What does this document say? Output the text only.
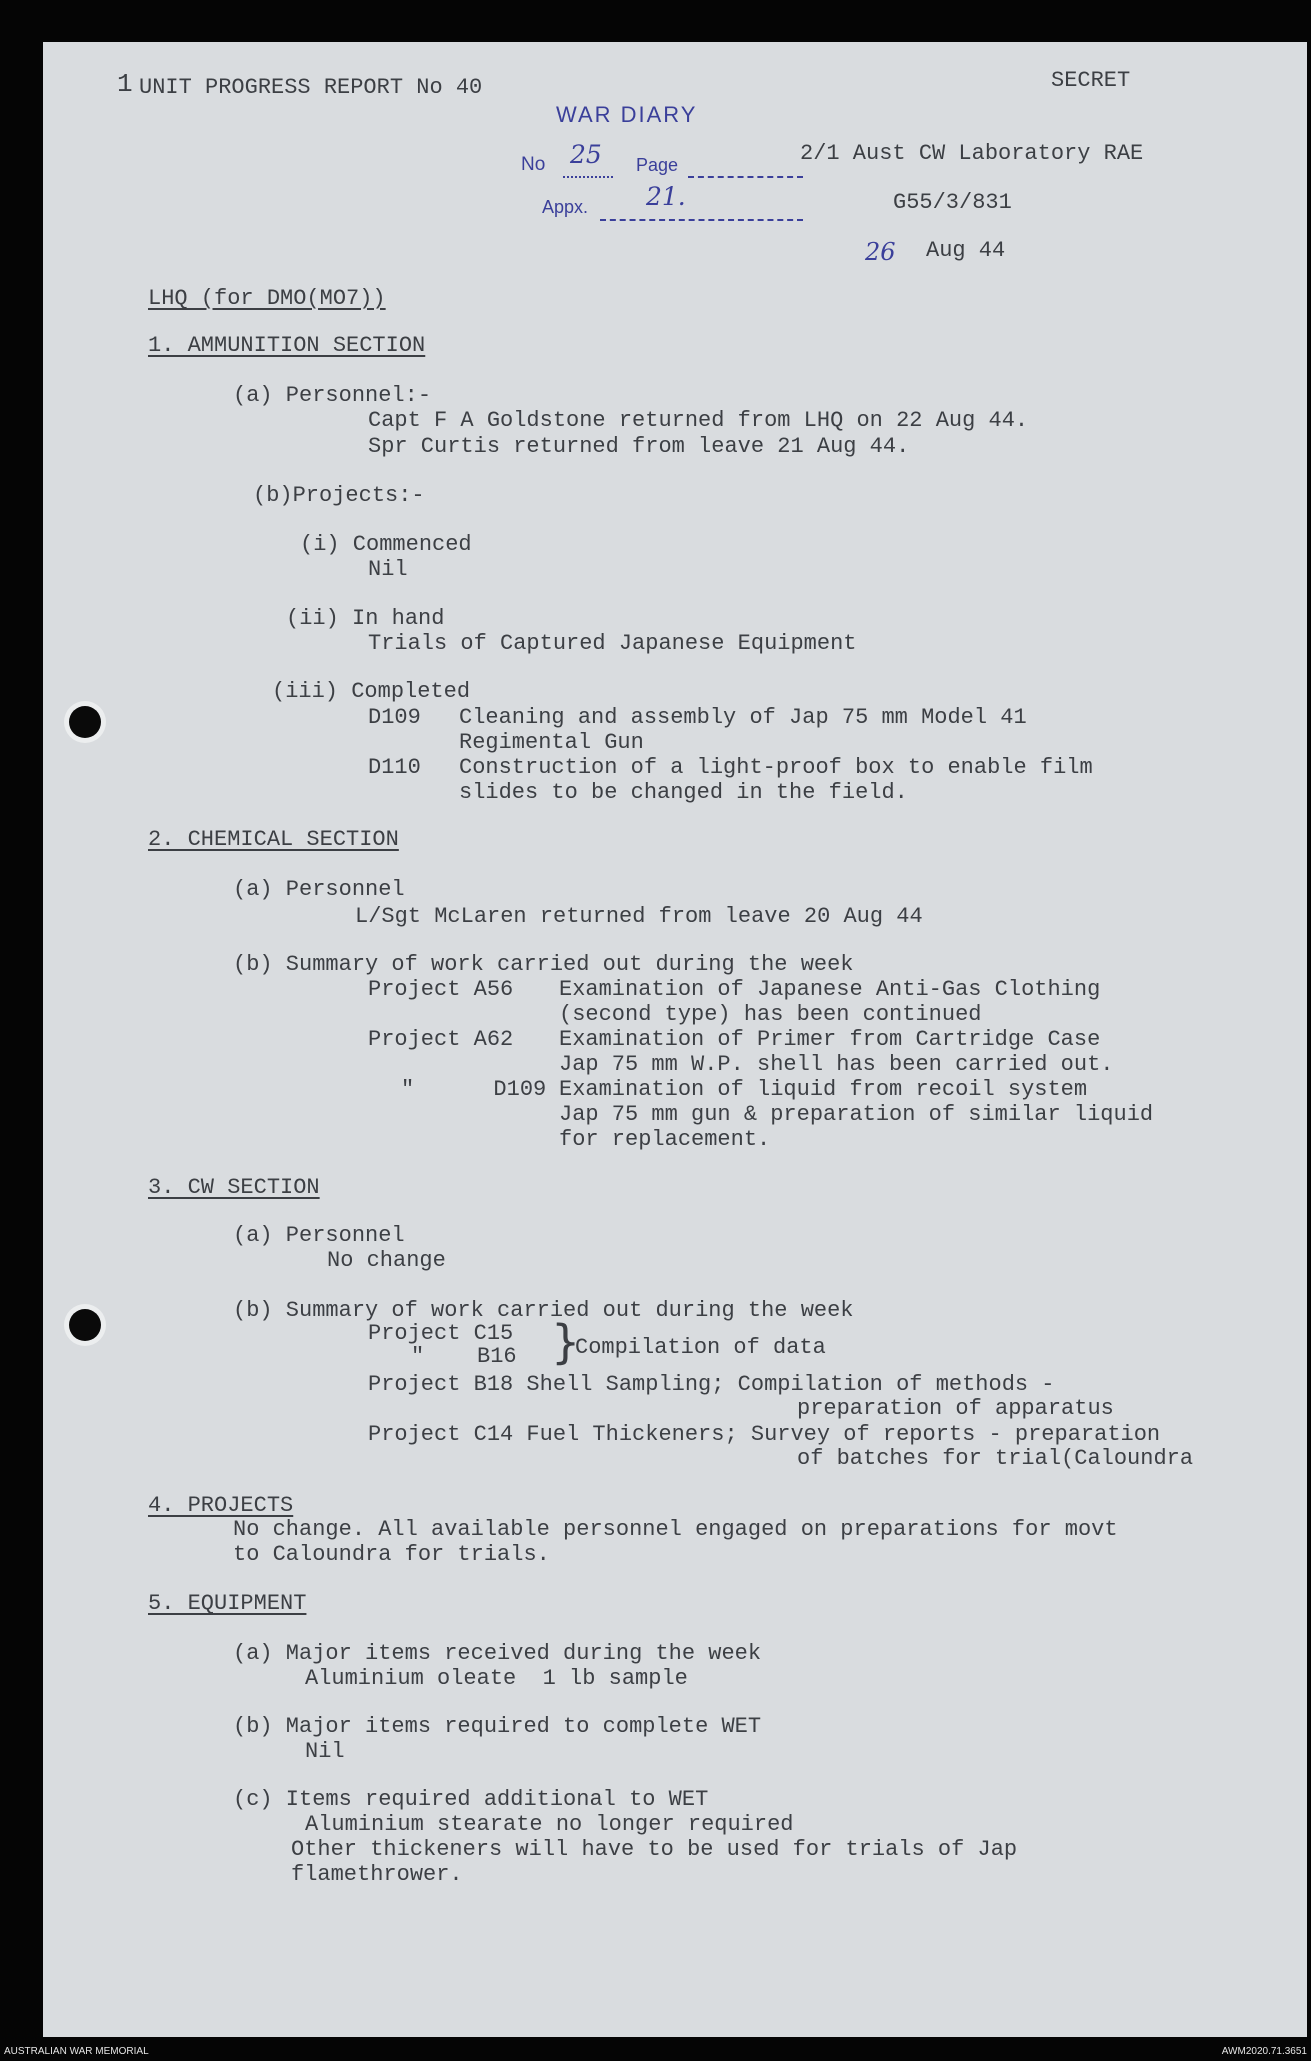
1 UNIT PROGRESS REPORT No 40	SECRET
WAR DIARY
No 25 Page
Appx. 21.
2/1 Aust CW Laboratory RAE
G55/3/831
26 Aug 44
LHQ (for DMO(MO7))
1. AMMUNITION SECTION
(a) Personnel:-
Capt F A Goldstone returned from LHQ on 22 Aug 44.
Spr Curtis returned from leave 21 Aug 44.
(b)Projects:-
(i) Commenced
Nil
(ii) In hand
Trials of Captured Japanese Equipment
(iii) Completed
D109 Cleaning and assembly of Jap 75 mm Model 41
Regimental Gun
D110 Construction of a light-proof box to enable film
slides to be changed in the field.
2. CHEMICAL SECTION
(a) Personnel
L/Sgt McLaren returned from leave 20 Aug 44
(b) Summary of work carried out during the week
Project A56 Examination of Japanese Anti-Gas Clothing
(second type) has been continued
Project A62 Examination of Primer from Cartridge Case
Jap 75 mm W.P. shell has been carried out.
"      D109 Examination of liquid from recoil system
Jap 75 mm gun & preparation of similar liquid
for replacement.
3. CW SECTION
(a) Personnel
No change
(b) Summary of work carried out during the week
Project C15
"    B16 }
Compilation of data
Project B18 Shell Sampling; Compilation of methods -
preparation of apparatus
Project C14 Fuel Thickeners; Survey of reports - preparation
of batches for trial(Caloundra
4. PROJECTS
No change. All available personnel engaged on preparations for movt
to Caloundra for trials.
5. EQUIPMENT
(a) Major items received during the week
Aluminium oleate  1 lb sample
(b) Major items required to complete WET
Nil
(c) Items required additional to WET
Aluminium stearate no longer required
Other thickeners will have to be used for trials of Jap
flamethrower.
AUSTRALIAN WAR MEMORIAL	AWM2020.71.3651
